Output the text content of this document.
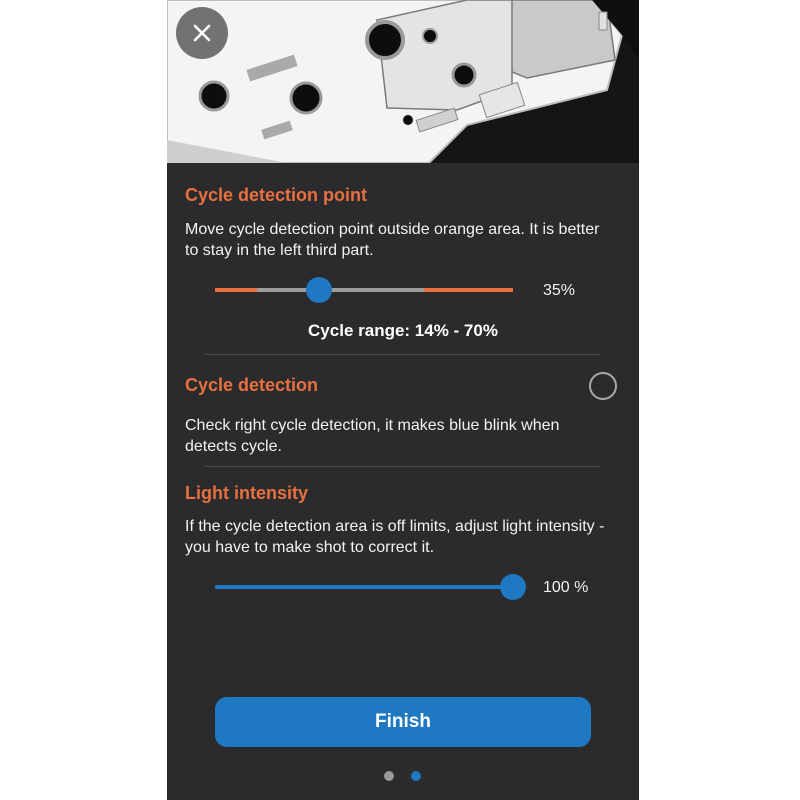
Cycle detection point
Move cycle detection point outside orange area. It is better to stay in the left third part.
35%
Cycle range: 14% - 70%
Cycle detection
Check right cycle detection, it makes blue blink when detects cycle.
Light intensity
If the cycle detection area is off limits, adjust light intensity - you have to make shot to correct it.
100 %
Finish
